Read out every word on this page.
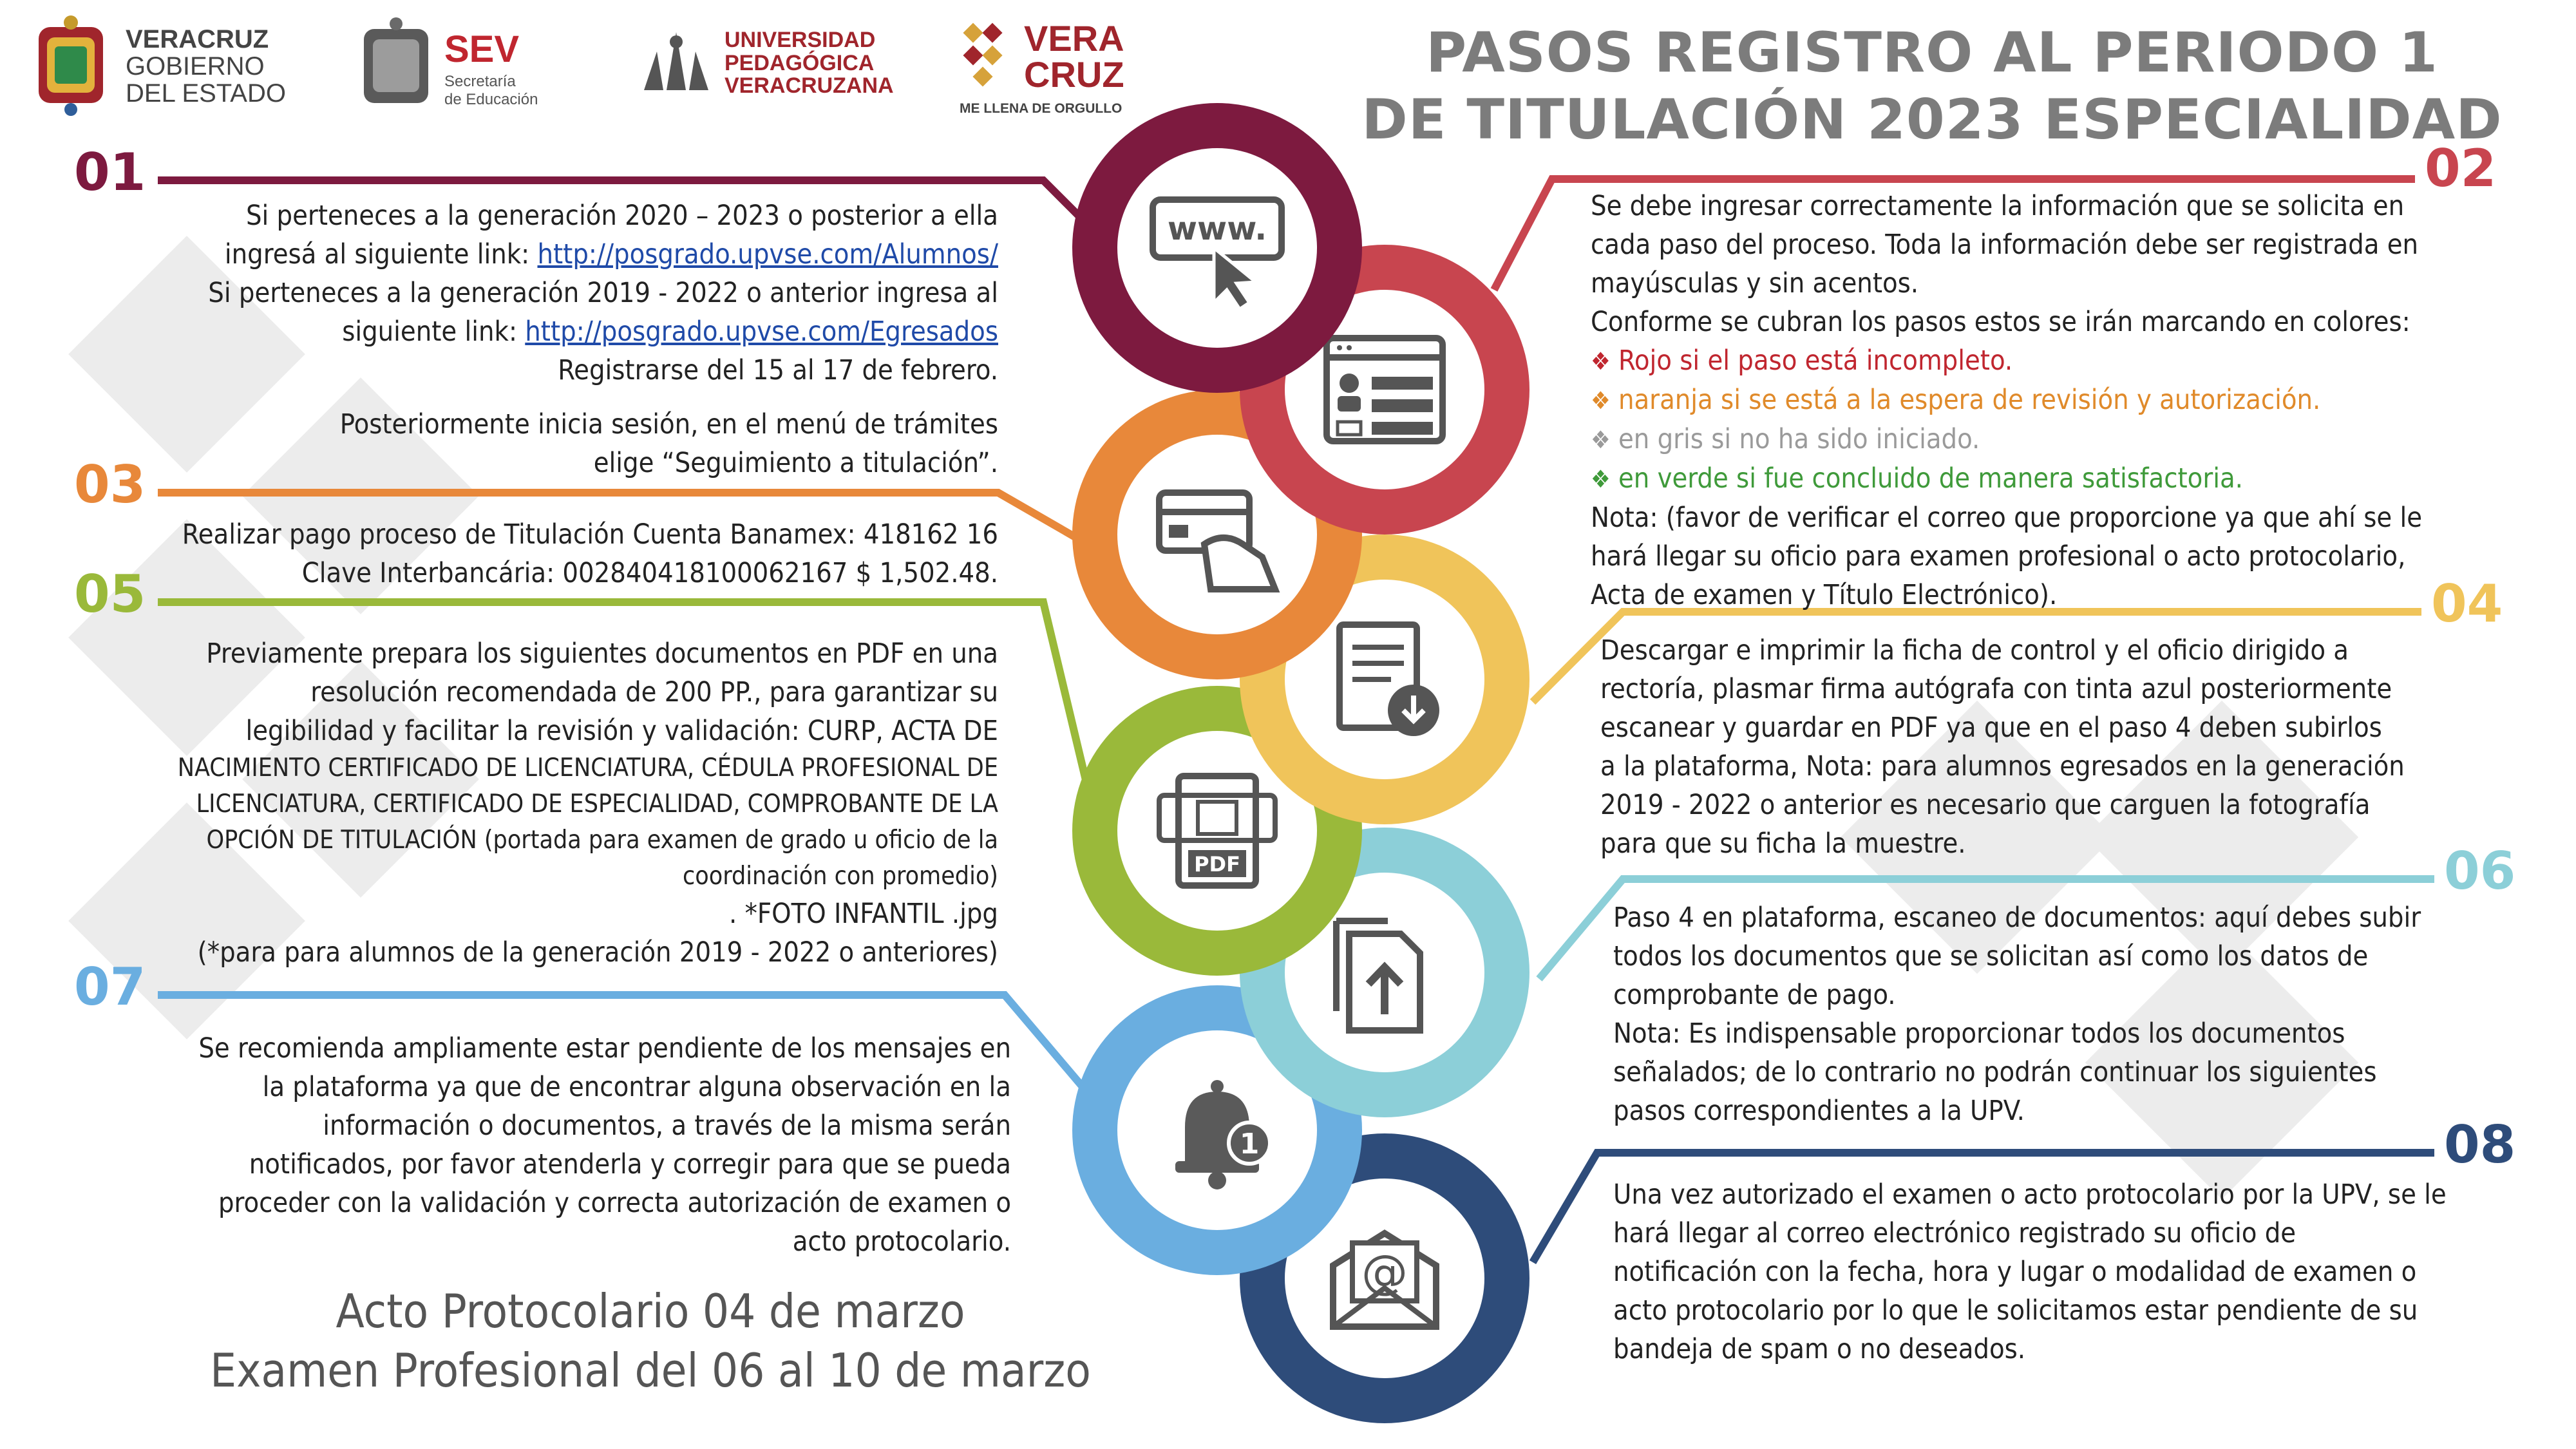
VERACRUZ
GOBIERNO
DEL ESTADO
SEV
Secretaría
de Educación
UNIVERSIDAD
PEDAGÓGICA
VERACRUZANA
VERA
CRUZ
ME LLENA DE ORGULLO
PASOS REGISTRO AL PERIODO 1
DE TITULACIÓN 2023 ESPECIALIDAD
@
1
PDF
www.
01	02
03
04
05
06
07
08

Si perteneces a la generación 2020 – 2023 o posterior a ella

ingresá al siguiente link: http://posgrado.upvse.com/Alumnos/

Si perteneces a la generación 2019 - 2022 o anterior ingresa al

siguiente link: http://posgrado.upvse.com/Egresados

Registrarse del 15 al 17 de febrero.

Posteriormente inicia sesión, en el menú de trámites

elige “Seguimiento a titulación”.

Se debe ingresar correctamente la información que se solicita en

cada paso del proceso. Toda la información debe ser registrada en

mayúsculas y sin acentos.

Conforme se cubran los pasos estos se irán marcando en colores:

❖ Rojo si el paso está incompleto.

❖ naranja si se está a la espera de revisión y autorización.

❖ en gris si no ha sido iniciado.

❖ en verde si fue concluido de manera satisfactoria.

Nota: (favor de verificar el correo que proporcione ya que ahí se le

hará llegar su oficio para examen profesional o acto protocolario,

Acta de examen y Título Electrónico).

Realizar pago proceso de Titulación Cuenta Banamex: 418162 16

Clave Interbancária: 002840418100062167 $ 1,502.48.

Descargar e imprimir la ficha de control y el oficio dirigido a

rectoría, plasmar firma autógrafa con tinta azul posteriormente

escanear y guardar en PDF ya que en el paso 4 deben subirlos

a la plataforma, Nota: para alumnos egresados en la generación

2019 - 2022 o anterior es necesario que carguen la fotografía

para que su ficha la muestre.

Previamente prepara los siguientes documentos en PDF en una

resolución recomendada de 200 PP., para garantizar su

legibilidad y facilitar la revisión y validación: CURP, ACTA DE

NACIMIENTO CERTIFICADO DE LICENCIATURA, CÉDULA PROFESIONAL DE

LICENCIATURA, CERTIFICADO DE ESPECIALIDAD, COMPROBANTE DE LA

OPCIÓN DE TITULACIÓN (portada para examen de grado u oficio de la

coordinación con promedio)

. *FOTO INFANTIL .jpg

(*para para alumnos de la generación 2019 - 2022 o anteriores)

Paso 4 en plataforma, escaneo de documentos: aquí debes subir

todos los documentos que se solicitan así como los datos de

comprobante de pago.

Nota: Es indispensable proporcionar todos los documentos

señalados; de lo contrario no podrán continuar los siguientes

pasos correspondientes a la UPV.

Se recomienda ampliamente estar pendiente de los mensajes en

la plataforma ya que de encontrar alguna observación en la

información o documentos, a través de la misma serán

notificados, por favor atenderla y corregir para que se pueda

proceder con la validación y correcta autorización de examen o

acto protocolario.

Una vez autorizado el examen o acto protocolario por la UPV, se le

hará llegar al correo electrónico registrado su oficio de

notificación con la fecha, hora y lugar o modalidad de examen o

acto protocolario por lo que le solicitamos estar pendiente de su

bandeja de spam o no deseados.

Acto Protocolario 04 de marzo
Examen Profesional del 06 al 10 de marzo
